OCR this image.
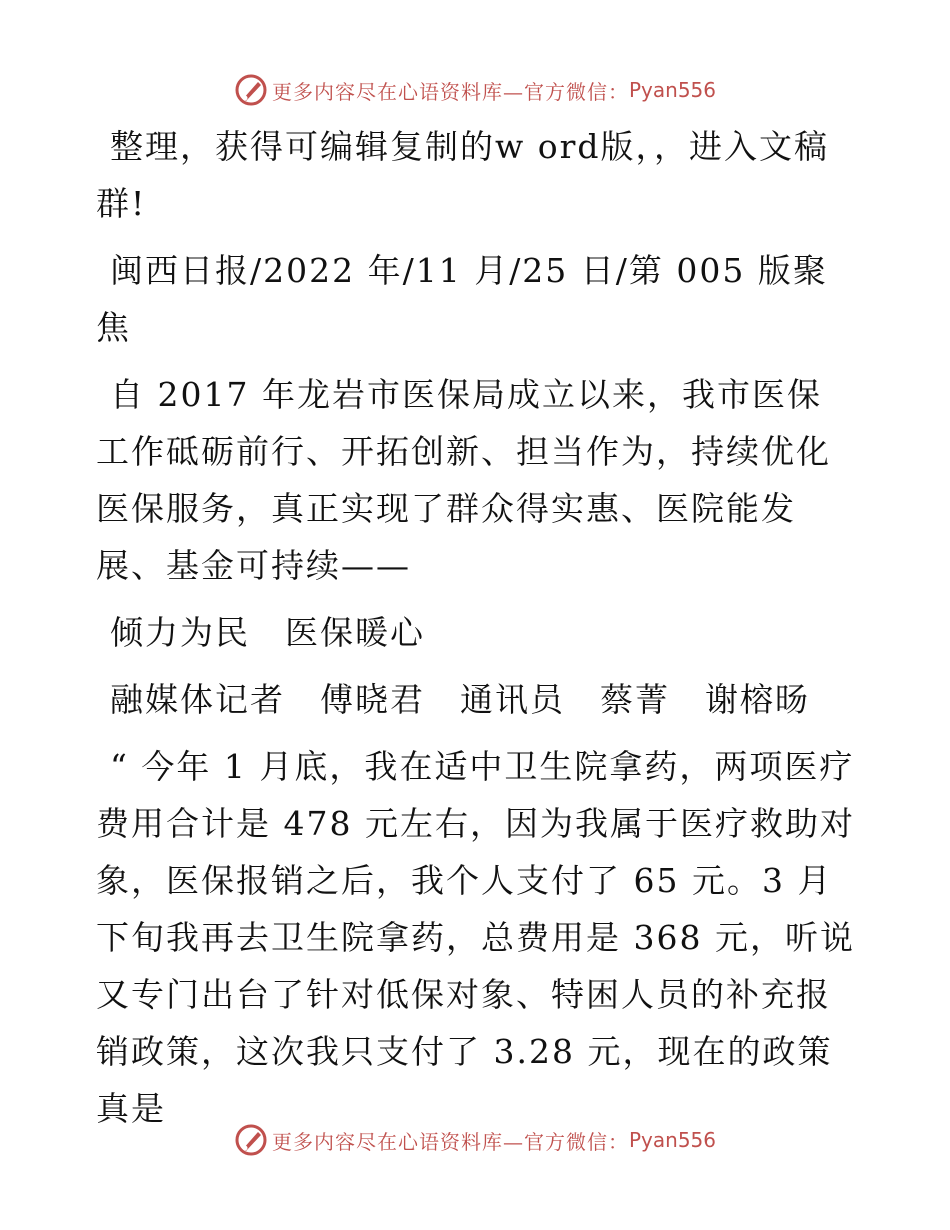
更多内容尽在心语资料库—官方微信： Pyan556

整理，获得可编辑复制的w ord版，，进入文稿群!

闽西日报/2022 年/11 月/25 日/第 005 版聚焦

自 2017 年龙岩市医保局成立以来，我市医保工作砥砺前行、开拓创新、担当作为，持续优化医保服务，真正实现了群众得实惠、医院能发展、基金可持续——

倾力为民　医保暖心

融媒体记者　傅晓君　通讯员　蔡菁　谢榕旸

“ 今年 1 月底，我在适中卫生院拿药，两项医疗费用合计是 478 元左右，因为我属于医疗救助对象，医保报销之后，我个人支付了 65 元。3 月下旬我再去卫生院拿药，总费用是 368 元，听说又专门出台了针对低保对象、特困人员的补充报销政策，这次我只支付了 3.28 元，现在的政策真是

更多内容尽在心语资料库—官方微信： Pyan556
